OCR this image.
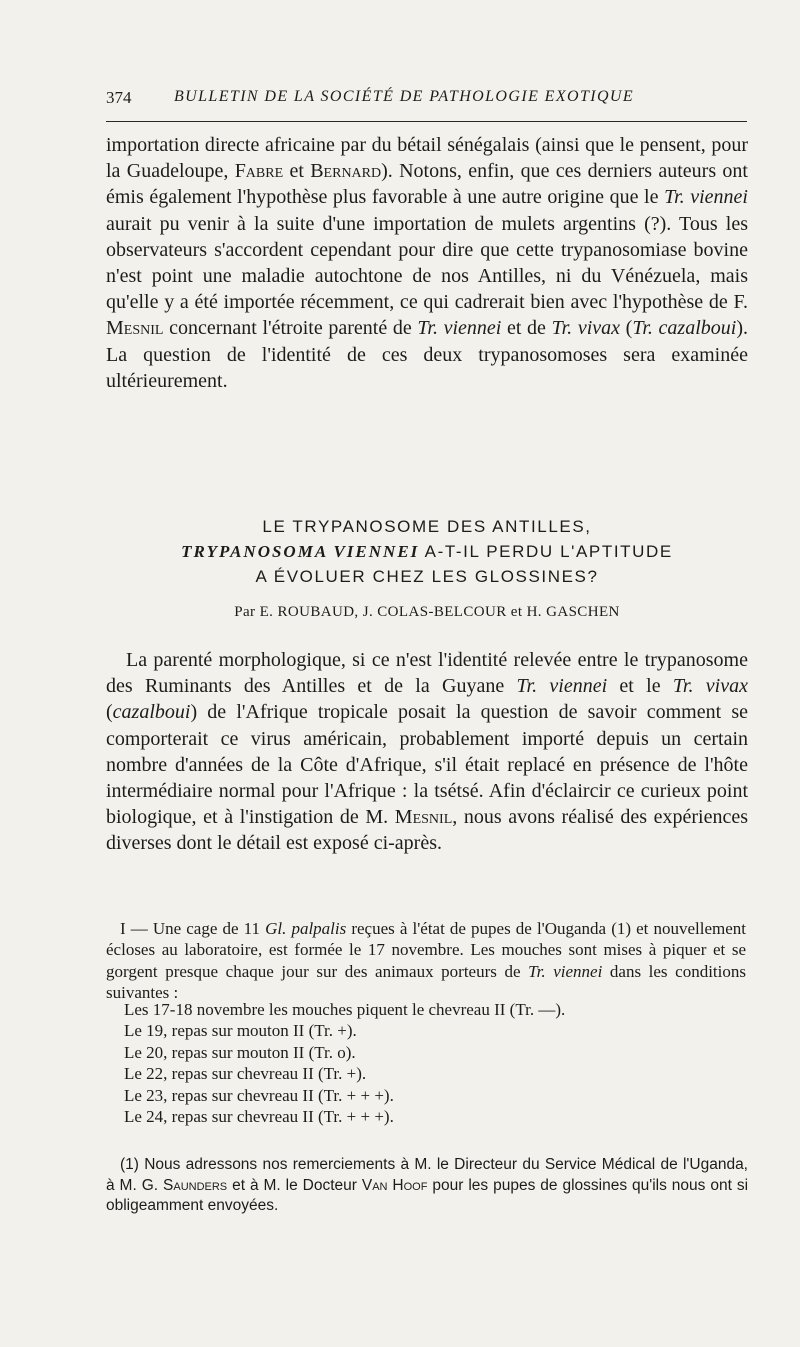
374	BULLETIN DE LA SOCIÉTÉ DE PATHOLOGIE EXOTIQUE

importation directe africaine par du bétail sénégalais (ainsi que le pensent, pour la Guadeloupe, Fabre et Bernard). Notons, enfin, que ces derniers auteurs ont émis également l'hypothèse plus favorable à une autre origine que le Tr. viennei aurait pu venir à la suite d'une importation de mulets argentins (?). Tous les observateurs s'accordent cependant pour dire que cette trypanosomiase bovine n'est point une maladie autochtone de nos Antilles, ni du Vénézuela, mais qu'elle y a été importée récemment, ce qui cadrerait bien avec l'hypothèse de F. Mesnil concernant l'étroite parenté de Tr. viennei et de Tr. vivax (Tr. cazalboui). La question de l'identité de ces deux trypanosomoses sera examinée ultérieurement.

LE TRYPANOSOME DES ANTILLES,
TRYPANOSOMA VIENNEI A-T-IL PERDU L'APTITUDE
A ÉVOLUER CHEZ LES GLOSSINES?
Par E. ROUBAUD, J. COLAS-BELCOUR et H. GASCHEN

La parenté morphologique, si ce n'est l'identité relevée entre le trypanosome des Ruminants des Antilles et de la Guyane Tr. viennei et le Tr. vivax (cazalboui) de l'Afrique tropicale posait la question de savoir comment se comporterait ce virus américain, probablement importé depuis un certain nombre d'années de la Côte d'Afrique, s'il était replacé en présence de l'hôte intermédiaire normal pour l'Afrique : la tsétsé. Afin d'éclaircir ce curieux point biologique, et à l'instigation de M. Mesnil, nous avons réalisé des expériences diverses dont le détail est exposé ci-après.

I — Une cage de 11 Gl. palpalis reçues à l'état de pupes de l'Ouganda (1) et nouvellement écloses au laboratoire, est formée le 17 novembre. Les mouches sont mises à piquer et se gorgent presque chaque jour sur des animaux porteurs de Tr. viennei dans les conditions suivantes :

Les 17-18 novembre les mouches piquent le chevreau II (Tr. —).
Le 19, repas sur mouton II (Tr. +).
Le 20, repas sur mouton II (Tr. o).
Le 22, repas sur chevreau II (Tr. +).
Le 23, repas sur chevreau II (Tr. + + +).
Le 24, repas sur chevreau II (Tr. + + +).

(1) Nous adressons nos remerciements à M. le Directeur du Service Médical de l'Uganda, à M. G. Saunders et à M. le Docteur Van Hoof pour les pupes de glossines qu'ils nous ont si obligeamment envoyées.
